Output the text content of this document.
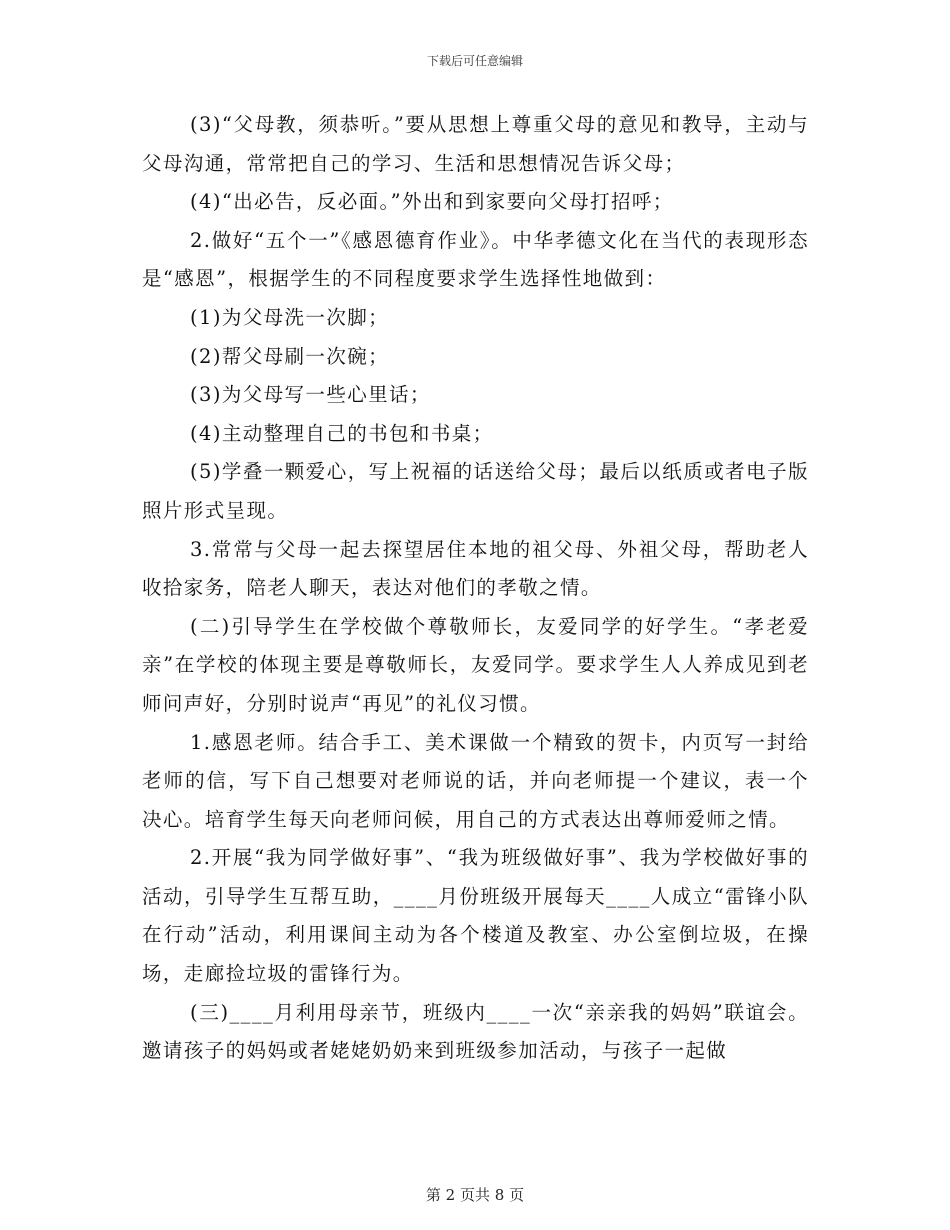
下载后可任意编辑

(3)“父母教，须恭听。”要从思想上尊重父母的意见和教导，主动与父母沟通，常常把自己的学习、生活和思想情况告诉父母；

(4)“出必告，反必面。”外出和到家要向父母打招呼；

2.做好“五个一”《感恩德育作业》。中华孝德文化在当代的表现形态是“感恩”，根据学生的不同程度要求学生选择性地做到：

(1)为父母洗一次脚；

(2)帮父母刷一次碗；

(3)为父母写一些心里话；

(4)主动整理自己的书包和书桌；

(5)学叠一颗爱心，写上祝福的话送给父母；最后以纸质或者电子版照片形式呈现。

3.常常与父母一起去探望居住本地的祖父母、外祖父母，帮助老人收拾家务，陪老人聊天，表达对他们的孝敬之情。

(二)引导学生在学校做个尊敬师长，友爱同学的好学生。“孝老爱亲”在学校的体现主要是尊敬师长，友爱同学。要求学生人人养成见到老师问声好，分别时说声“再见”的礼仪习惯。

1.感恩老师。结合手工、美术课做一个精致的贺卡，内页写一封给老师的信，写下自己想要对老师说的话，并向老师提一个建议，表一个决心。培育学生每天向老师问候，用自己的方式表达出尊师爱师之情。

2.开展“我为同学做好事”、“我为班级做好事”、我为学校做好事的活动，引导学生互帮互助，____月份班级开展每天____人成立“雷锋小队在行动”活动，利用课间主动为各个楼道及教室、办公室倒垃圾，在操场，走廊捡垃圾的雷锋行为。

(三)____月利用母亲节，班级内____一次“亲亲我的妈妈”联谊会。邀请孩子的妈妈或者姥姥奶奶来到班级参加活动，与孩子一起做

第 2 页共 8 页
